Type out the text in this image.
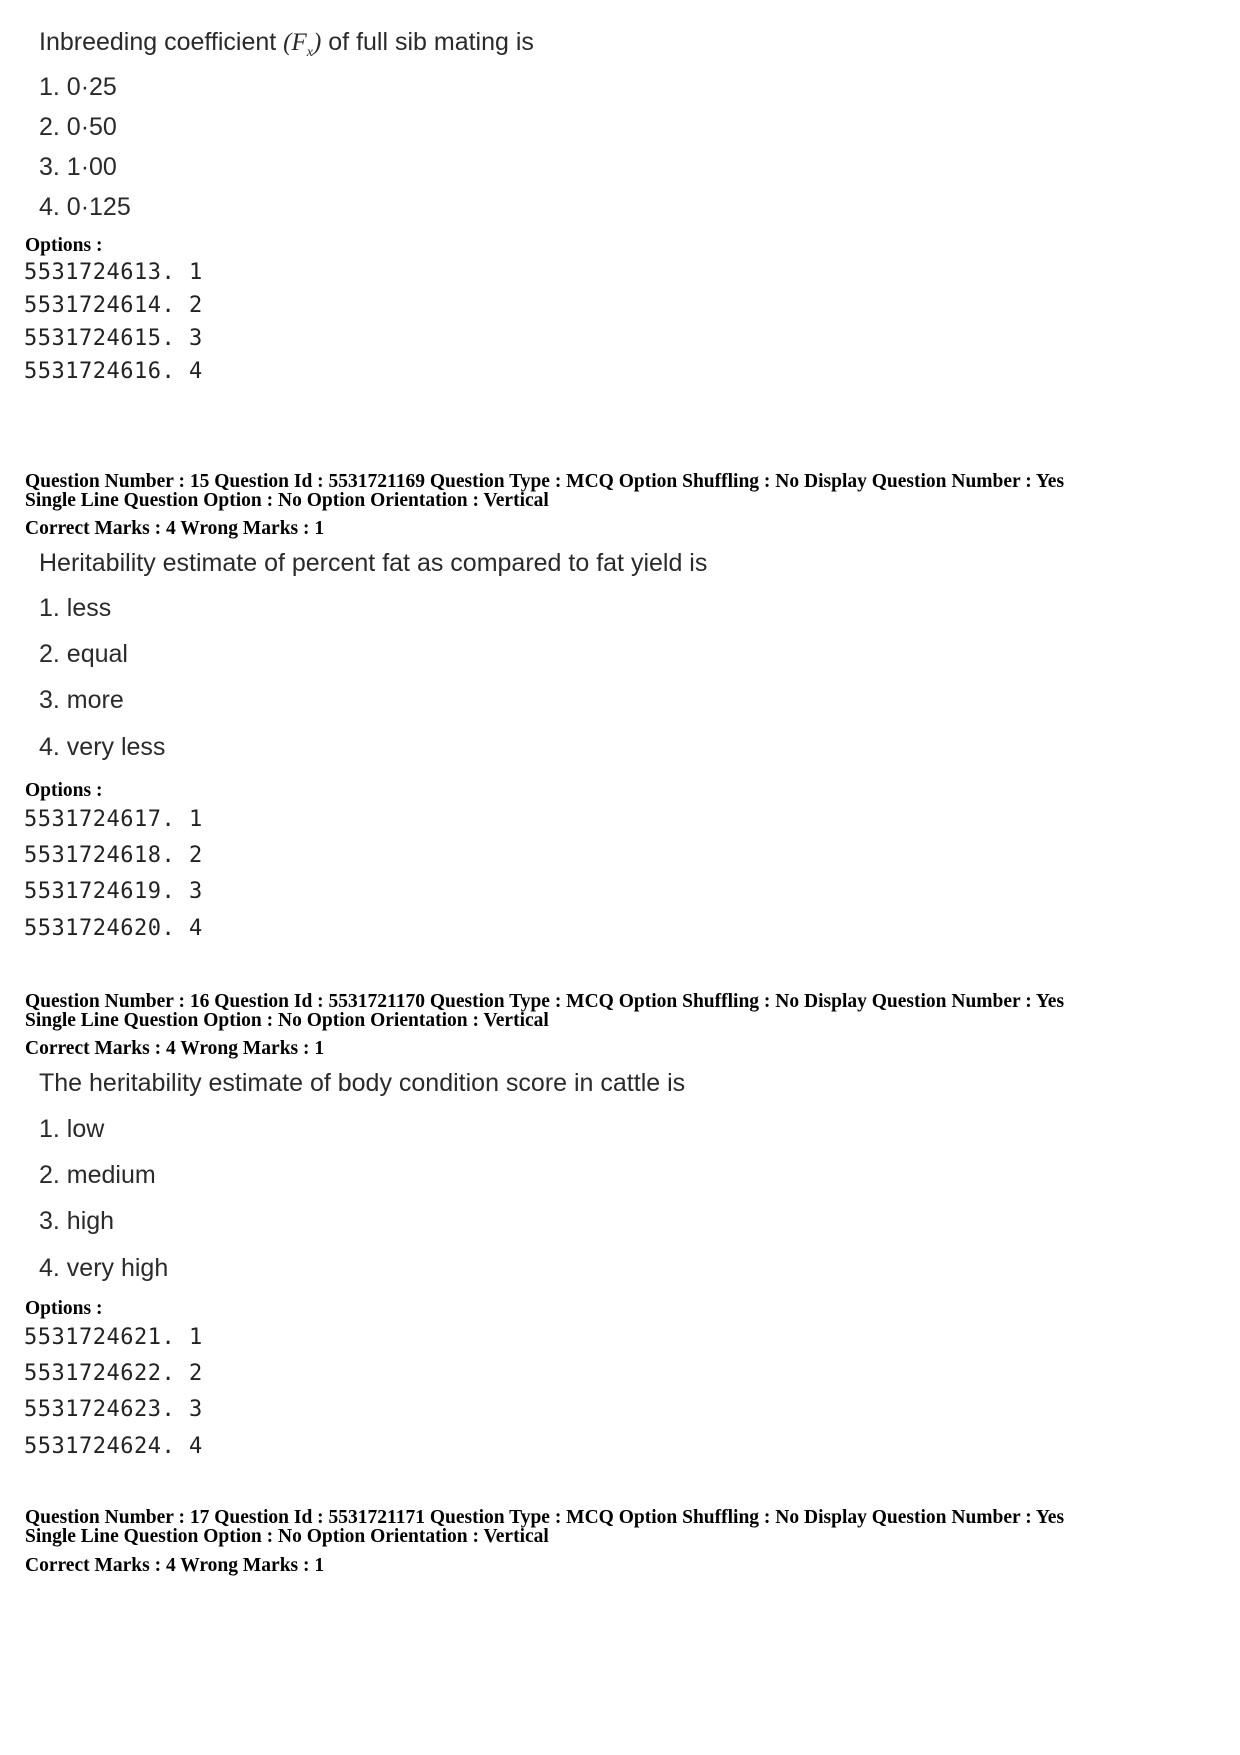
Inbreeding coefficient $(F_x)$ of full sib mating is
1. 0·25
2. 0·50
3. 1·00
4. 0·125
Options :
5531724613. 1
5531724614. 2
5531724615. 3
5531724616. 4
Question Number : 15 Question Id : 5531721169 Question Type : MCQ Option Shuffling : No Display Question Number : Yes
Single Line Question Option : No Option Orientation : Vertical
Correct Marks : 4 Wrong Marks : 1
Heritability estimate of percent fat as compared to fat yield is
1. less
2. equal
3. more
4. very less
Options :
5531724617. 1
5531724618. 2
5531724619. 3
5531724620. 4
Question Number : 16 Question Id : 5531721170 Question Type : MCQ Option Shuffling : No Display Question Number : Yes
Single Line Question Option : No Option Orientation : Vertical
Correct Marks : 4 Wrong Marks : 1
The heritability estimate of body condition score in cattle is
1. low
2. medium
3. high
4. very high
Options :
5531724621. 1
5531724622. 2
5531724623. 3
5531724624. 4
Question Number : 17 Question Id : 5531721171 Question Type : MCQ Option Shuffling : No Display Question Number : Yes
Single Line Question Option : No Option Orientation : Vertical
Correct Marks : 4 Wrong Marks : 1
